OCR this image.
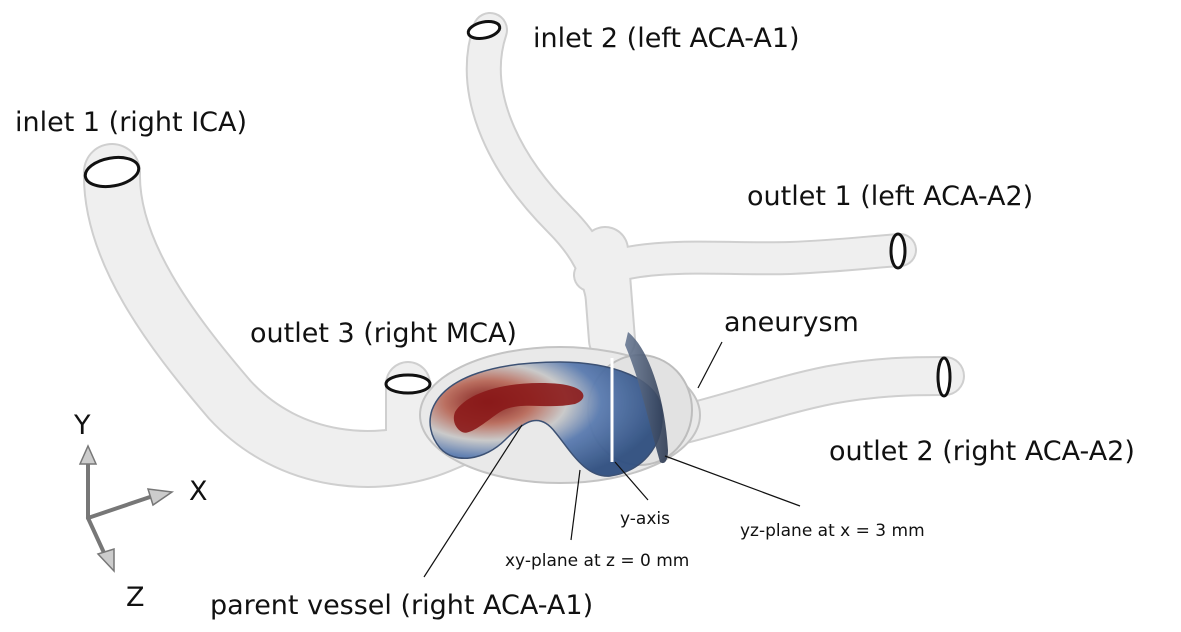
inlet 1 (right ICA)
inlet 2 (left ACA-A1)
outlet 1 (left ACA-A2)
outlet 2 (right ACA-A2)
outlet 3 (right MCA)	aneurysm
parent vessel (right ACA-A1)
y-axis
xy-plane at z = 0 mm
yz-plane at x = 3 mm
Y
X
Z
